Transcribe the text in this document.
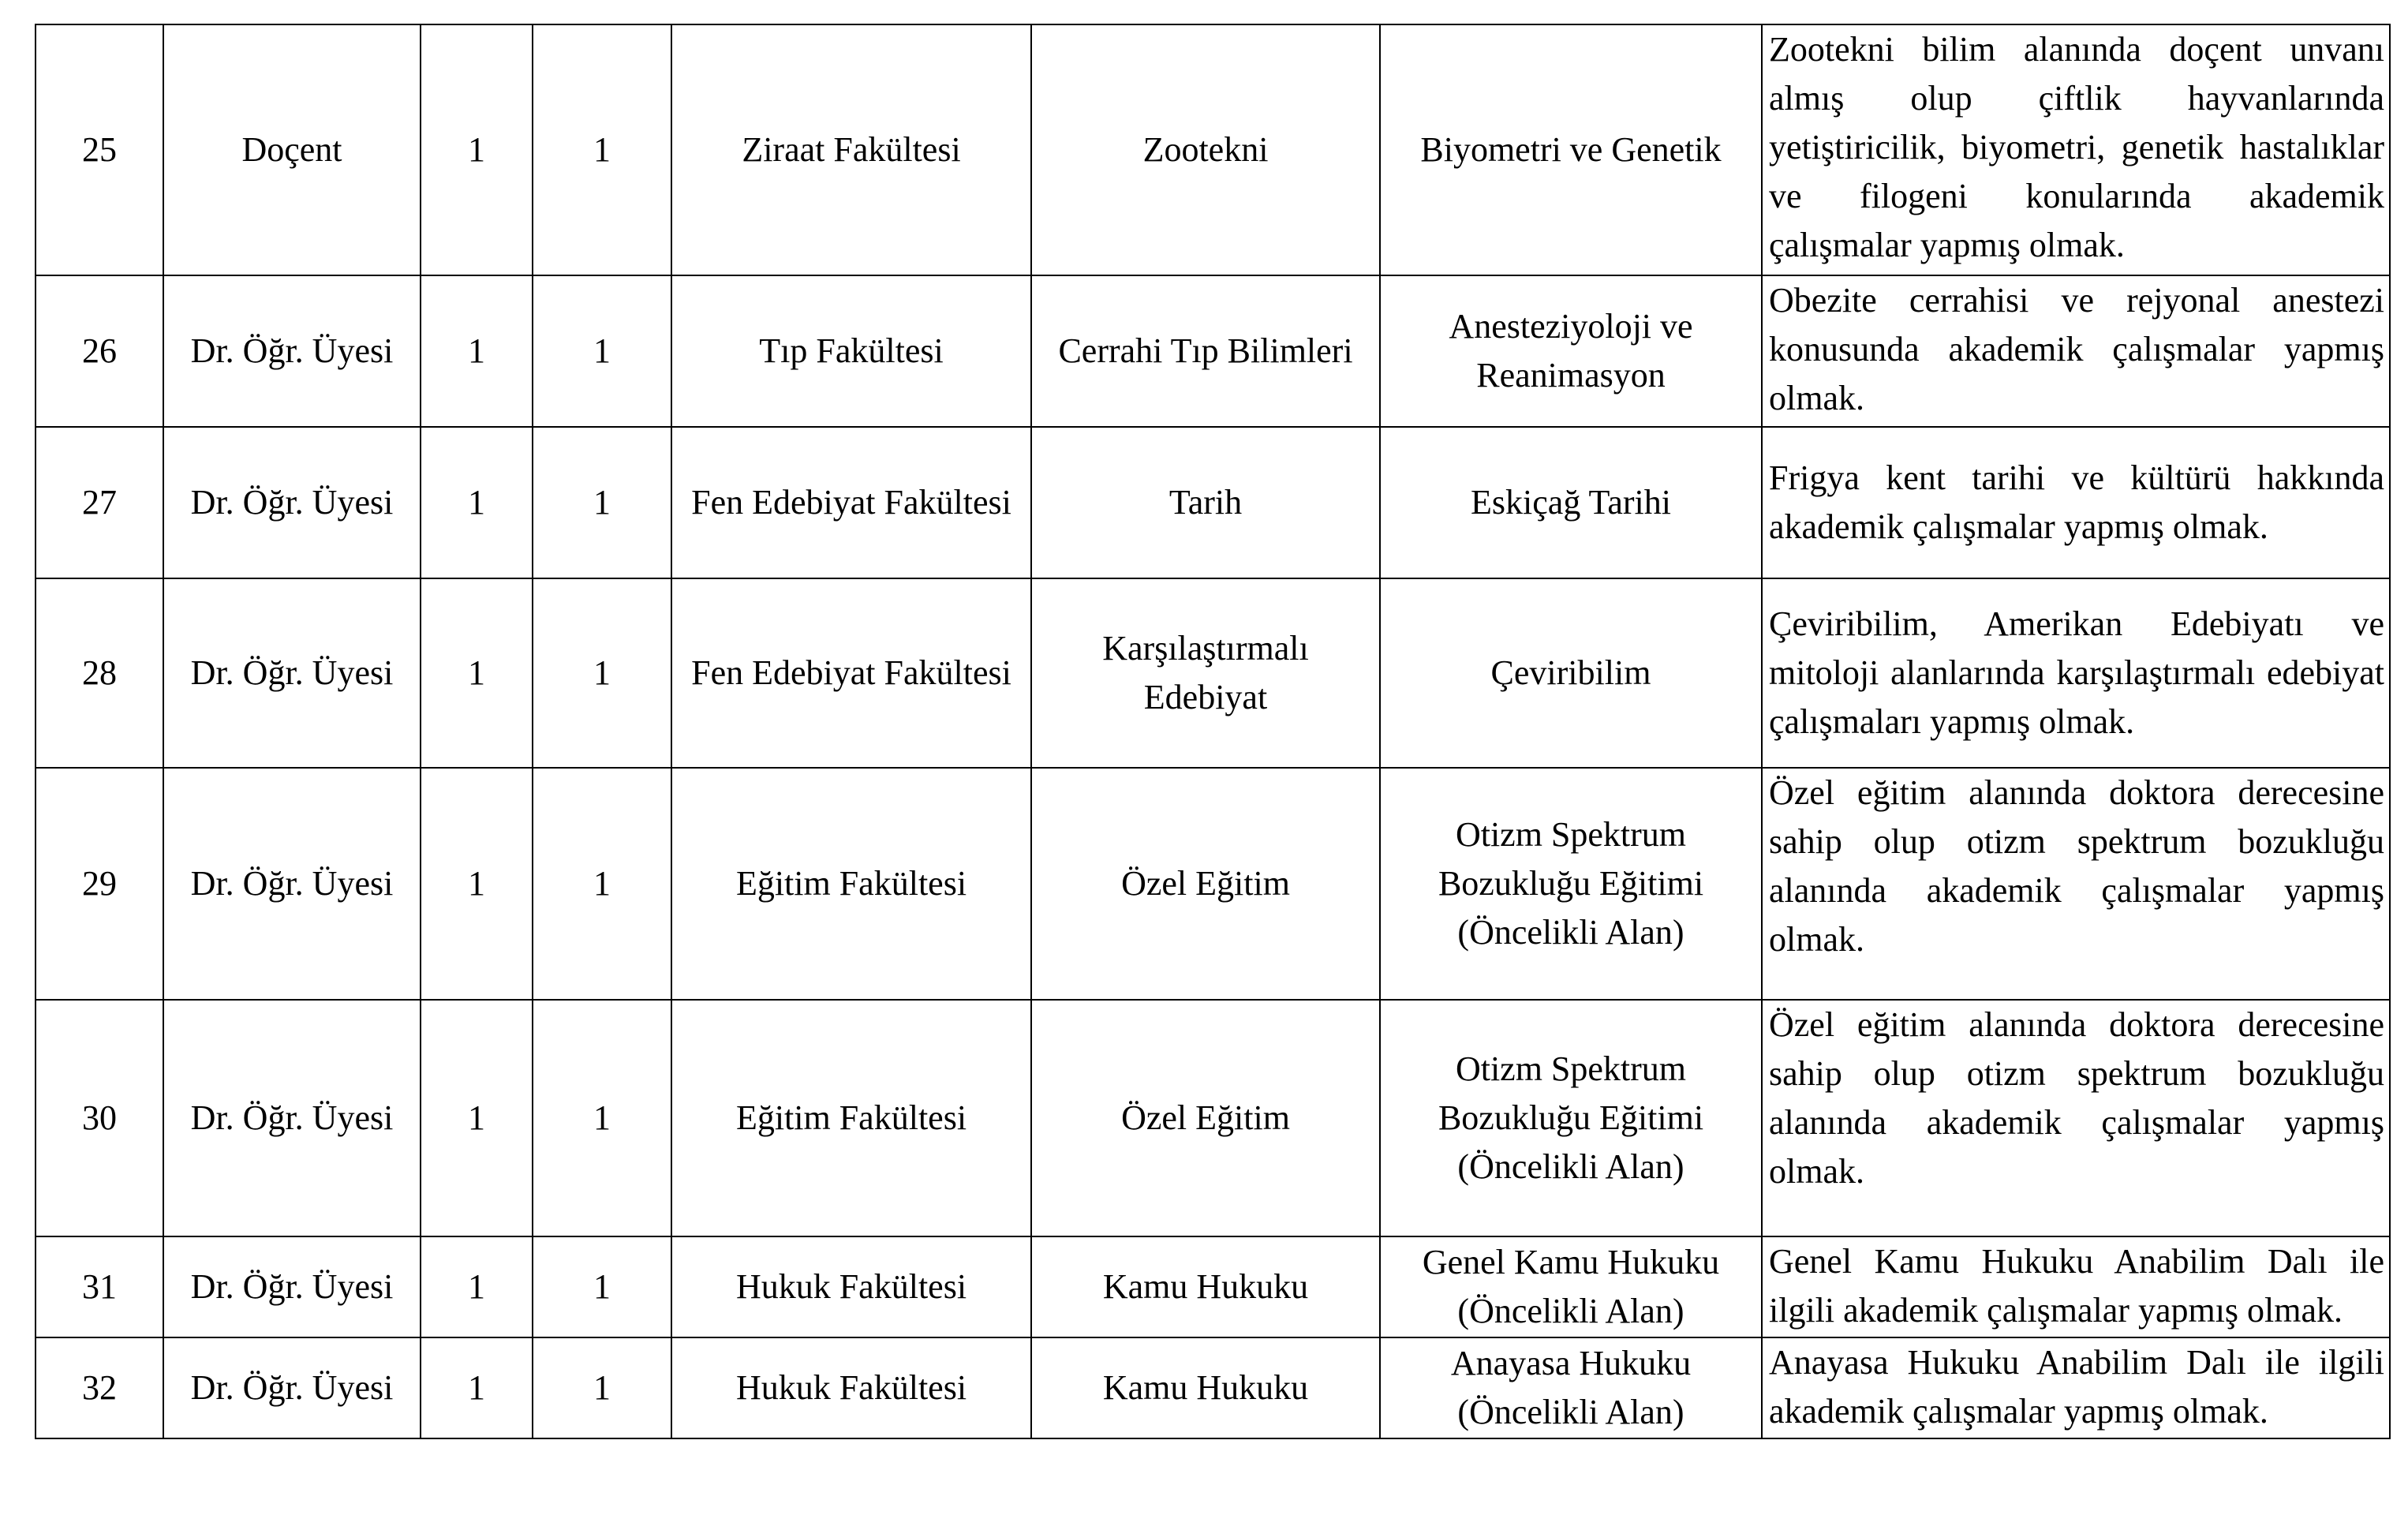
25	Doçent	1	1	Ziraat Fakültesi	Zootekni	Biyometri ve Genetik	Zootekni bilim alanında doçent unvanı almış olup çiftlik hayvanlarında yetiştiricilik, biyometri, genetik hastalıklar ve filogeni konularında akademik çalışmalar yapmış olmak.
26	Dr. Öğr. Üyesi	1	1	Tıp Fakültesi	Cerrahi Tıp Bilimleri	Anesteziyoloji ve Reanimasyon	Obezite cerrahisi ve rejyonal anestezi konusunda akademik çalışmalar yapmış olmak.
27	Dr. Öğr. Üyesi	1	1	Fen Edebiyat Fakültesi	Tarih	Eskiçağ Tarihi	Frigya kent tarihi ve kültürü hakkında akademik çalışmalar yapmış olmak.
28	Dr. Öğr. Üyesi	1	1	Fen Edebiyat Fakültesi	Karşılaştırmalı Edebiyat	Çeviribilim	Çeviribilim, Amerikan Edebiyatı ve mitoloji alanlarında karşılaştırmalı edebiyat çalışmaları yapmış olmak.
29	Dr. Öğr. Üyesi	1	1	Eğitim Fakültesi	Özel Eğitim	Otizm Spektrum Bozukluğu Eğitimi (Öncelikli Alan)	Özel eğitim alanında doktora derecesine sahip olup otizm spektrum bozukluğu alanında akademik çalışmalar yapmış olmak.
30	Dr. Öğr. Üyesi	1	1	Eğitim Fakültesi	Özel Eğitim	Otizm Spektrum Bozukluğu Eğitimi (Öncelikli Alan)	Özel eğitim alanında doktora derecesine sahip olup otizm spektrum bozukluğu alanında akademik çalışmalar yapmış olmak.
31	Dr. Öğr. Üyesi	1	1	Hukuk Fakültesi	Kamu Hukuku	Genel Kamu Hukuku (Öncelikli Alan)	Genel Kamu Hukuku Anabilim Dalı ile ilgili akademik çalışmalar yapmış olmak.
32	Dr. Öğr. Üyesi	1	1	Hukuk Fakültesi	Kamu Hukuku	Anayasa Hukuku (Öncelikli Alan)	Anayasa Hukuku Anabilim Dalı ile ilgili akademik çalışmalar yapmış olmak.
